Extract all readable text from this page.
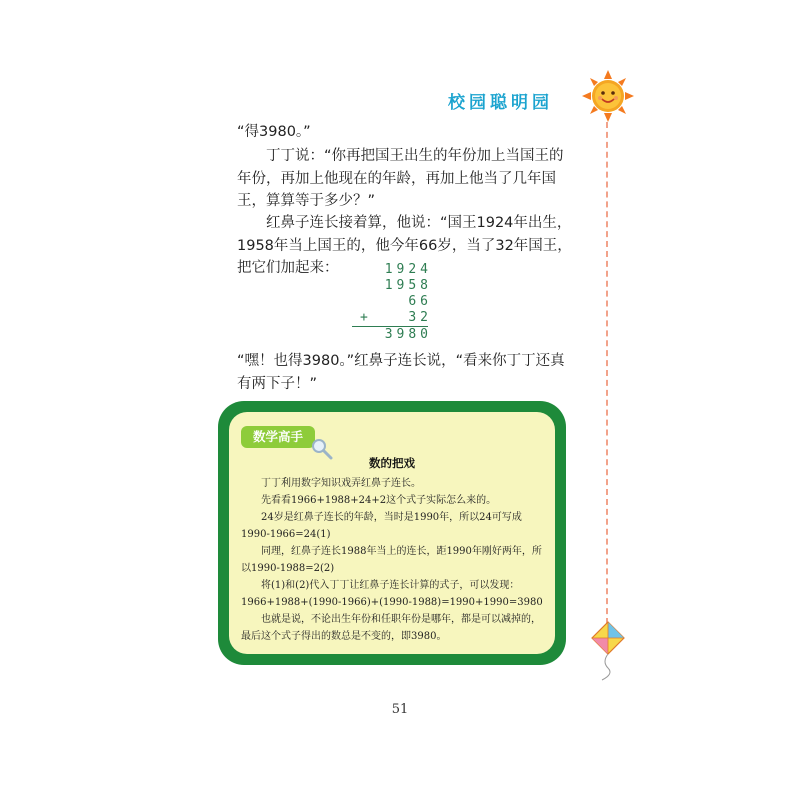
校园聪明园
“得3980。”
　　丁丁说：“你再把国王出生的年份加上当国王的年份，再加上他现在的年龄，再加上他当了几年国王，算算等于多少？”
　　红鼻子连长接着算，他说：“国王1924年出生，1958年当上国王的，他今年66岁，当了32年国王，把它们加起来：	1924
1958
66
+	32
3980
“嘿！也得3980。”红鼻子连长说，“看来你丁丁还真有两下子！”
数学高手
数的把戏
　　丁丁利用数字知识戏弄红鼻子连长。
　　先看看1966+1988+24+2这个式子实际怎么来的。
　　24岁是红鼻子连长的年龄，当时是1990年，所以24可写成1990-1966=24(1)
　　同理，红鼻子连长1988年当上的连长，距1990年刚好两年，所以1990-1988=2(2)
　　将(1)和(2)代入丁丁让红鼻子连长计算的式子，可以发现：1966+1988+(1990-1966)+(1990-1988)=1990+1990=3980
　　也就是说，不论出生年份和任职年份是哪年，都是可以减掉的，最后这个式子得出的数总是不变的，即3980。
51
